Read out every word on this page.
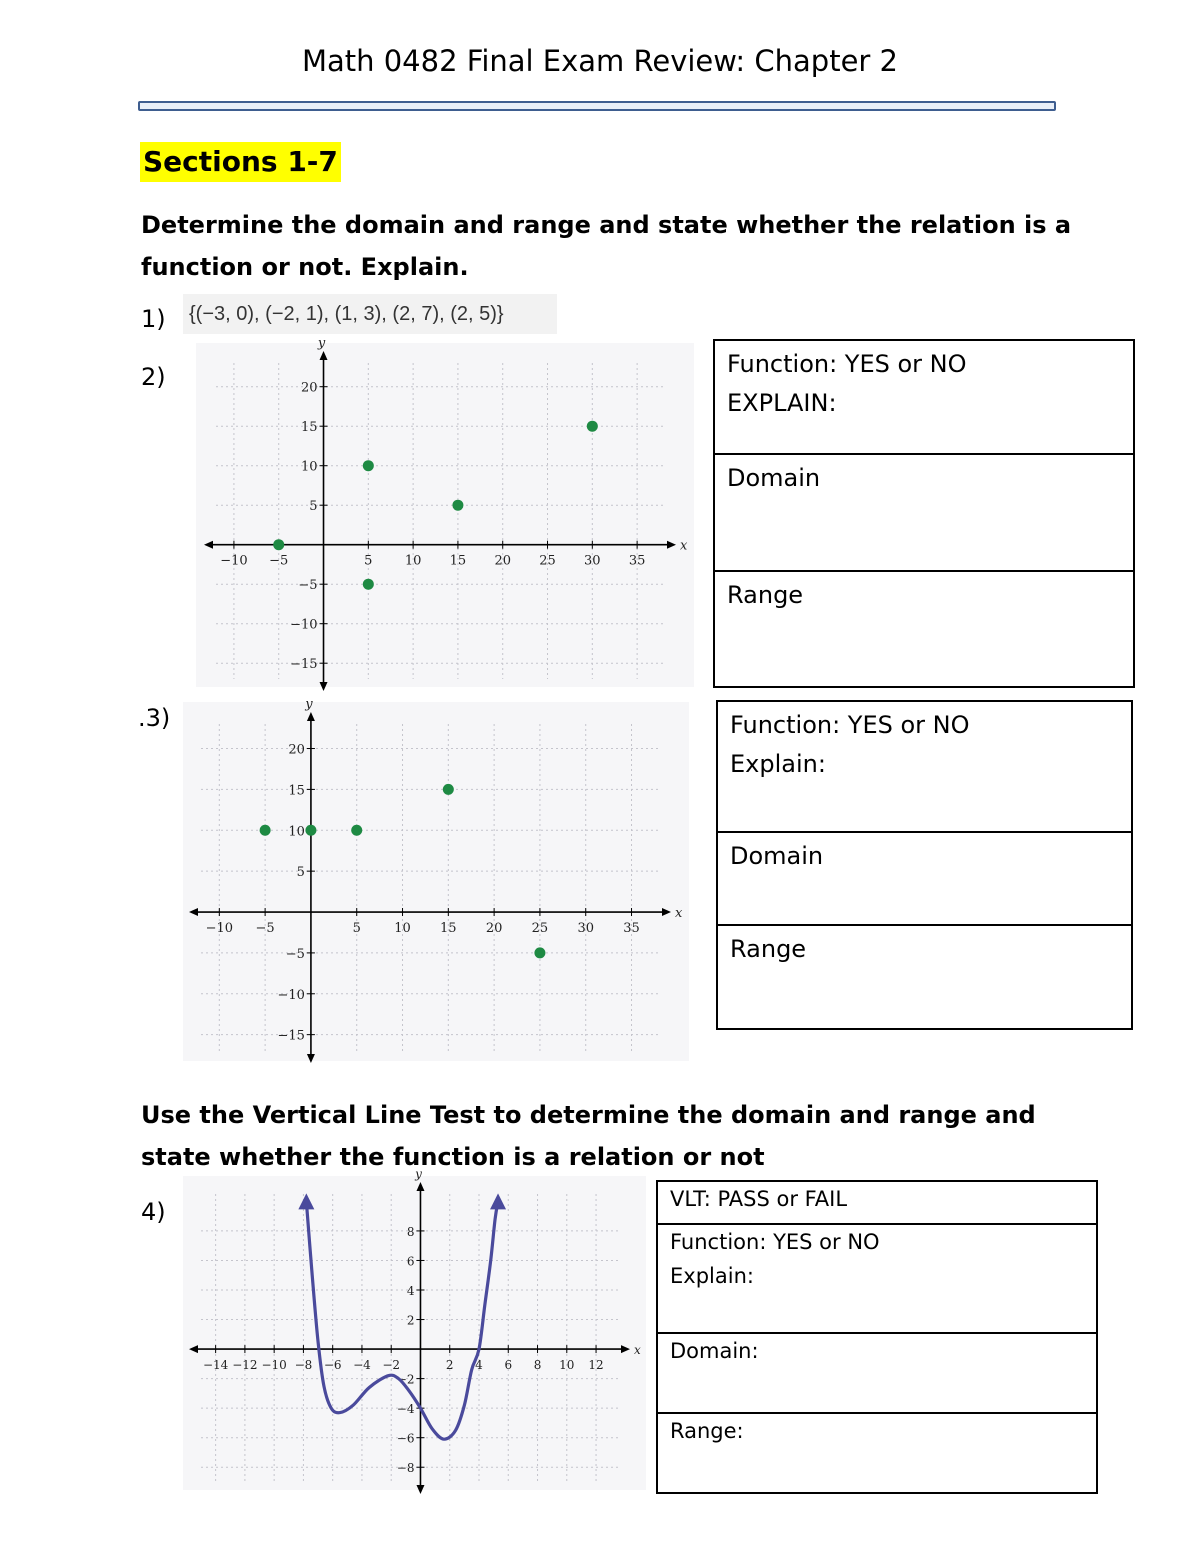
Math 0482 Final Exam Review: Chapter 2
Sections 1-7
Determine the domain and range and state whether the relation is a function or not. Explain.
1)	{(−3, 0), (−2, 1), (1, 3), (2, 7), (2, 5)}
2)
−10 −5	5 10 15 20 25 30 35
−15
−10
−5
5
10
15
20
x
y
Function: YES or NO
EXPLAIN:
Domain
Range
.3)
−10 −5	5	10 15 20 25 30 35
−15
−10
−5
5
10
15
20
x
y
Function: YES or NO
Explain:
Domain
Range
Use the Vertical Line Test to determine the domain and range and state whether the function is a relation or not
4)
−14 −12 −10 −8 −6 −4 −2	2 4 6 8 10 12
−8
−6
−4
−2
2
4
6
8
x
y
VLT: PASS or FAIL
Function: YES or NO
Explain:
Domain:
Range:
